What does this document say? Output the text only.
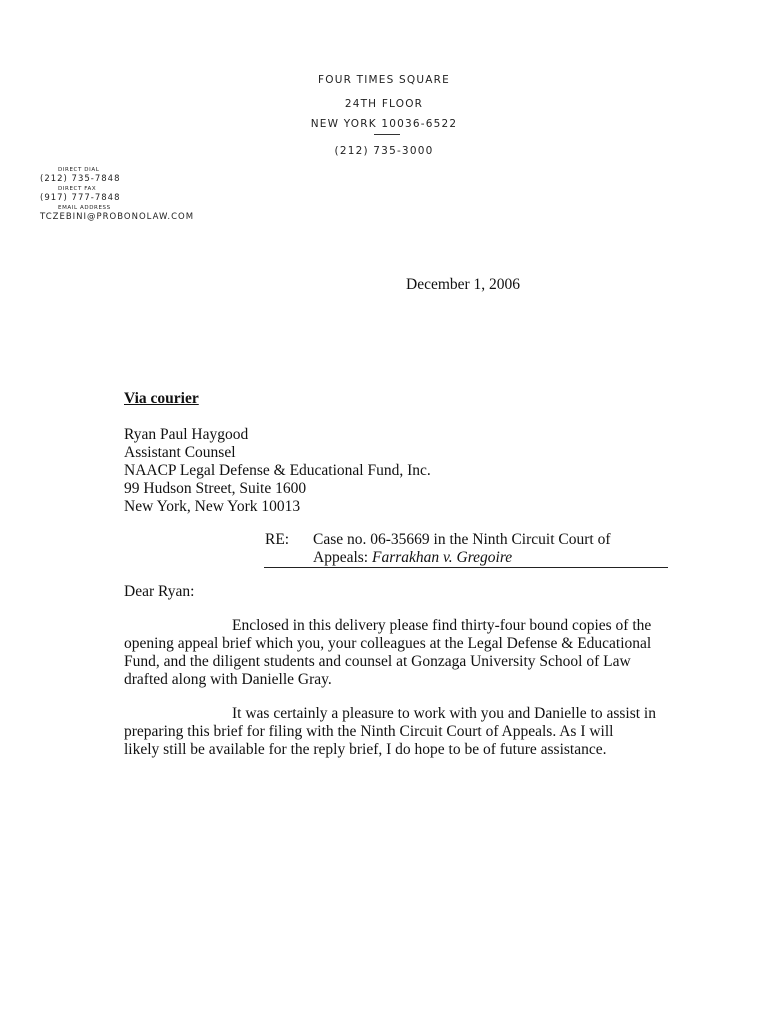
FOUR TIMES SQUARE
24TH FLOOR
NEW YORK 10036-6522
(212) 735-3000
DIRECT DIAL
(212) 735-7848
DIRECT FAX
(917) 777-7848
EMAIL ADDRESS
TCZEBINI@PROBONOLAW.COM
December 1, 2006
Via courier
Ryan Paul Haygood
Assistant Counsel
NAACP Legal Defense & Educational Fund, Inc.
99 Hudson Street, Suite 1600
New York, New York 10013
RE: Case no. 06-35669 in the Ninth Circuit Court of
Appeals: Farrakhan v. Gregoire
Dear Ryan:
Enclosed in this delivery please find thirty-four bound copies of the
opening appeal brief which you, your colleagues at the Legal Defense & Educational
Fund, and the diligent students and counsel at Gonzaga University School of Law
drafted along with Danielle Gray.
It was certainly a pleasure to work with you and Danielle to assist in
preparing this brief for filing with the Ninth Circuit Court of Appeals. As I will
likely still be available for the reply brief, I do hope to be of future assistance.
